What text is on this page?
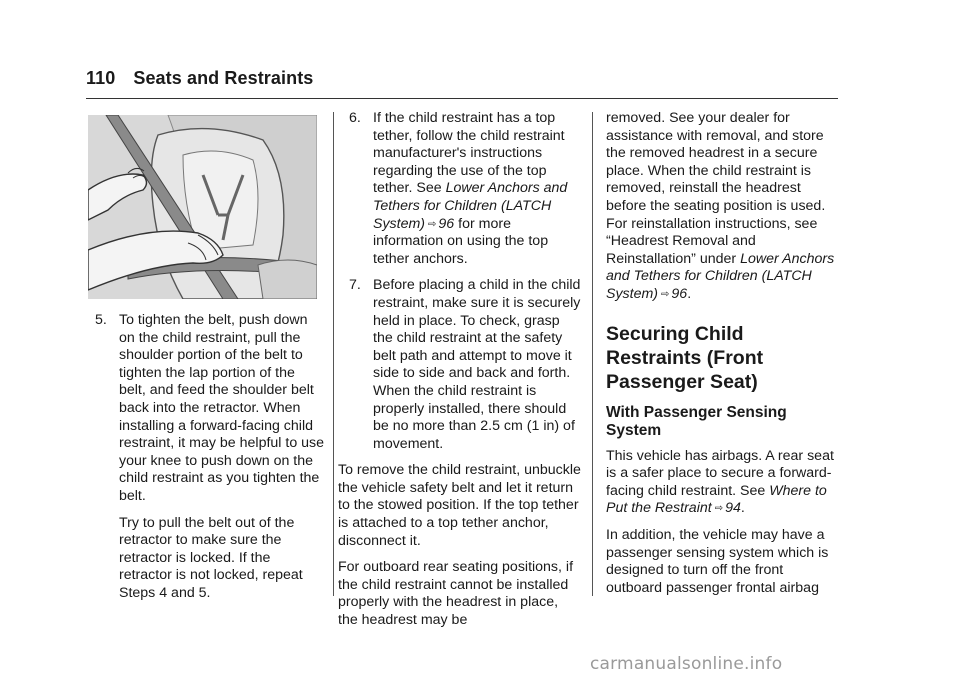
110 Seats and Restraints

5. To tighten the belt, push down on the child restraint, pull the shoulder portion of the belt to tighten the lap portion of the belt, and feed the shoulder belt back into the retractor. When installing a forward-facing child restraint, it may be helpful to use your knee to push down on the child restraint as you tighten the belt.

Try to pull the belt out of the retractor to make sure the retractor is locked. If the retractor is not locked, repeat Steps 4 and 5.

6. If the child restraint has a top tether, follow the child restraint manufacturer's instructions regarding the use of the top tether. See Lower Anchors and Tethers for Children (LATCH System) ⇨ 96 for more information on using the top tether anchors.

7. Before placing a child in the child restraint, make sure it is securely held in place. To check, grasp the child restraint at the safety belt path and attempt to move it side to side and back and forth. When the child restraint is properly installed, there should be no more than 2.5 cm (1 in) of movement.

To remove the child restraint, unbuckle the vehicle safety belt and let it return to the stowed position. If the top tether is attached to a top tether anchor, disconnect it.

For outboard rear seating positions, if the child restraint cannot be installed properly with the headrest in place, the headrest may be

removed. See your dealer for assistance with removal, and store the removed headrest in a secure place. When the child restraint is removed, reinstall the headrest before the seating position is used. For reinstallation instructions, see “Headrest Removal and Reinstallation” under Lower Anchors and Tethers for Children (LATCH System) ⇨ 96.

Securing Child Restraints (Front Passenger Seat)
With Passenger Sensing System

This vehicle has airbags. A rear seat is a safer place to secure a forward-facing child restraint. See Where to Put the Restraint ⇨ 94.

In addition, the vehicle may have a passenger sensing system which is designed to turn off the front outboard passenger frontal airbag

carmanualsonline.info
